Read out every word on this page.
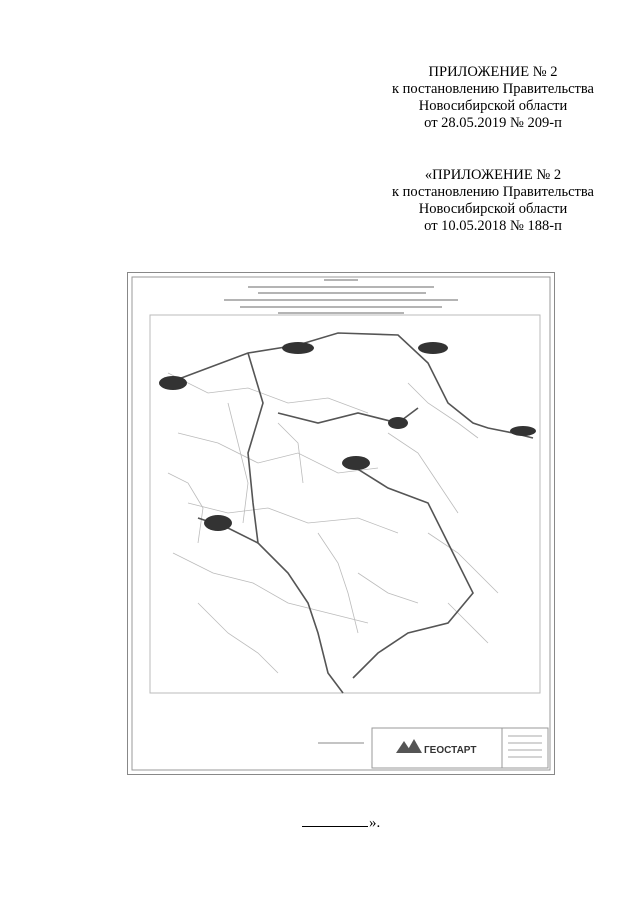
ПРИЛОЖЕНИЕ № 2
к постановлению Правительства
Новосибирской области
от 28.05.2019 № 209-п
«ПРИЛОЖЕНИЕ № 2
к постановлению Правительства
Новосибирской области
от 10.05.2018 № 188-п
ГЕОСТАРТ
».
